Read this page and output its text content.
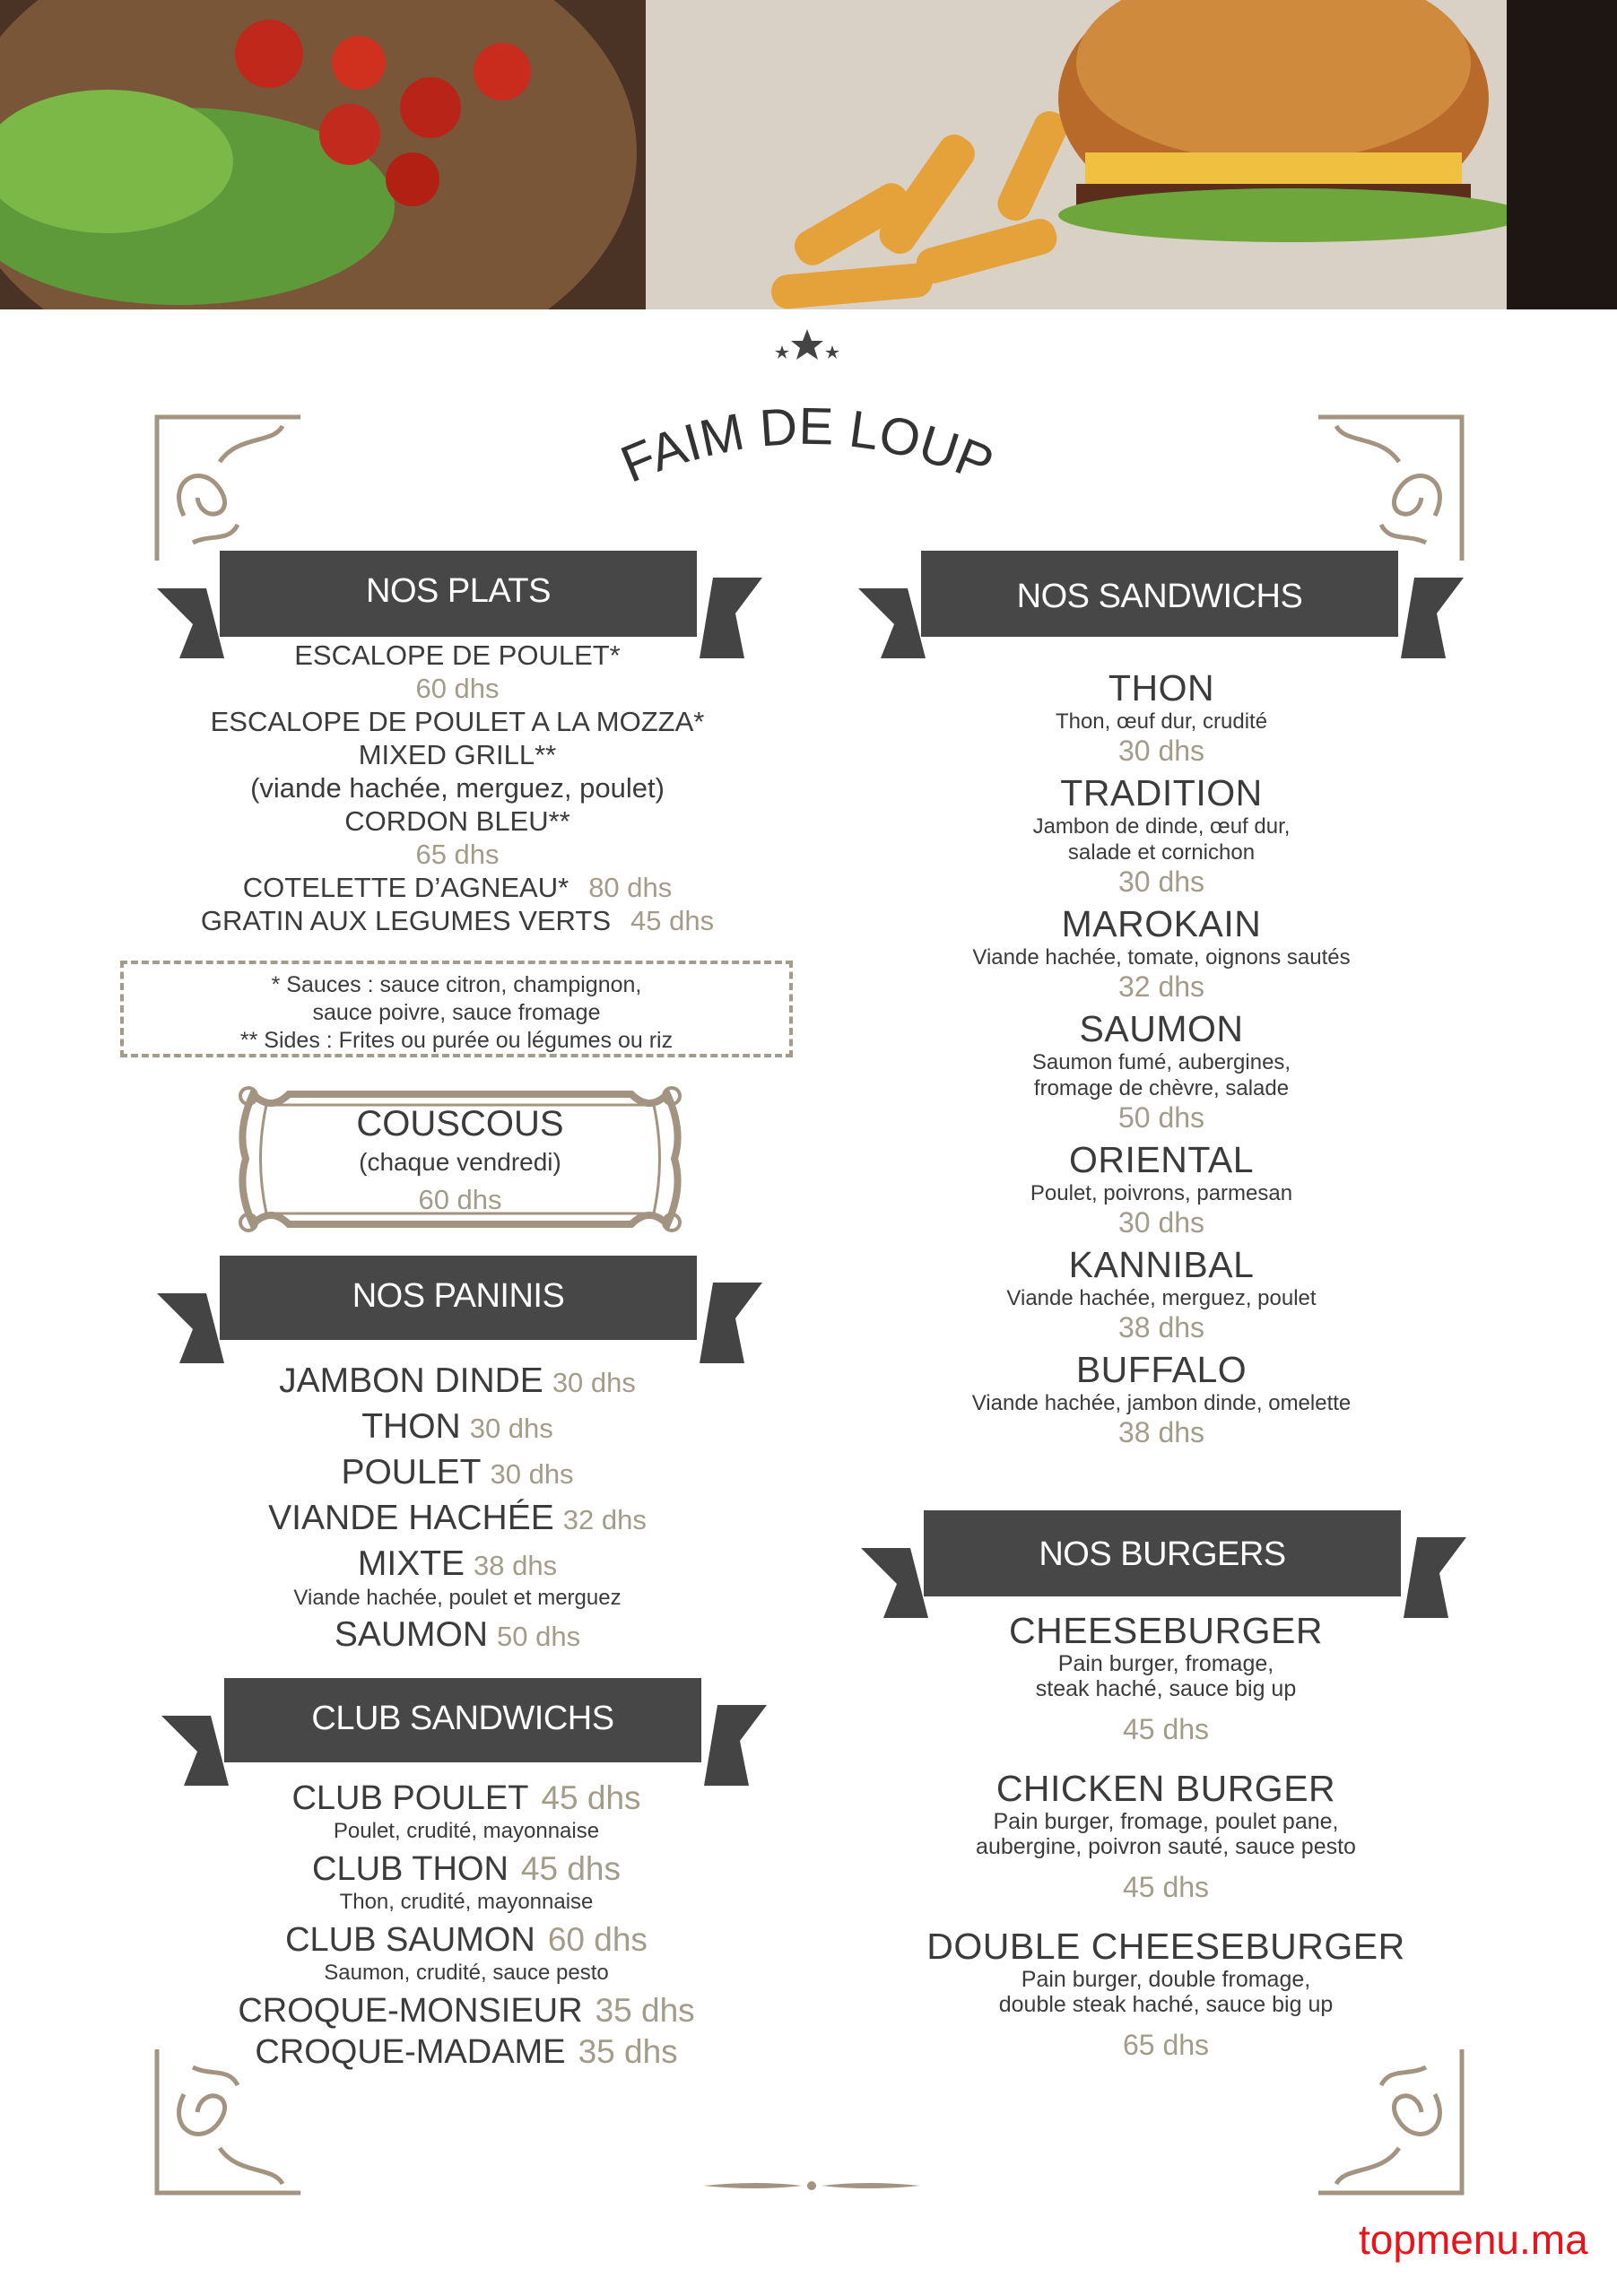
FAIM DE LOUP
NOS PLATS
NOS PANINIS
CLUB SANDWICHS
NOS SANDWICHS
NOS BURGERS
ESCALOPE DE POULET*
60 dhs
ESCALOPE DE POULET A LA MOZZA*
MIXED GRILL**
(viande hachée, merguez, poulet)
CORDON BLEU**
65 dhs
COTELETTE D’AGNEAU* 80 dhs
GRATIN AUX LEGUMES VERTS 45 dhs
* Sauces : sauce citron, champignon,
sauce poivre, sauce fromage
** Sides : Frites ou purée ou légumes ou riz
COUSCOUS
(chaque vendredi)
60 dhs
JAMBON DINDE 30 dhs
THON 30 dhs
POULET 30 dhs
VIANDE HACHÉE 32 dhs
MIXTE 38 dhs
Viande hachée, poulet et merguez
SAUMON 50 dhs
CLUB POULET 45 dhs
Poulet, crudité, mayonnaise
CLUB THON 45 dhs
Thon, crudité, mayonnaise
CLUB SAUMON 60 dhs
Saumon, crudité, sauce pesto
CROQUE-MONSIEUR 35 dhs
CROQUE-MADAME 35 dhs
THON
Thon, œuf dur, crudité
30 dhs
TRADITION
Jambon de dinde, œuf dur,
salade et cornichon
30 dhs
MAROKAIN
Viande hachée, tomate, oignons sautés
32 dhs
SAUMON
Saumon fumé, aubergines,
fromage de chèvre, salade
50 dhs
ORIENTAL
Poulet, poivrons, parmesan
30 dhs
KANNIBAL
Viande hachée, merguez, poulet
38 dhs
BUFFALO
Viande hachée, jambon dinde, omelette
38 dhs
CHEESEBURGER
Pain burger, fromage,
steak haché, sauce big up
45 dhs
CHICKEN BURGER
Pain burger, fromage, poulet pane,
aubergine, poivron sauté, sauce pesto
45 dhs
DOUBLE CHEESEBURGER
Pain burger, double fromage,
double steak haché, sauce big up
65 dhs
topmenu.ma
